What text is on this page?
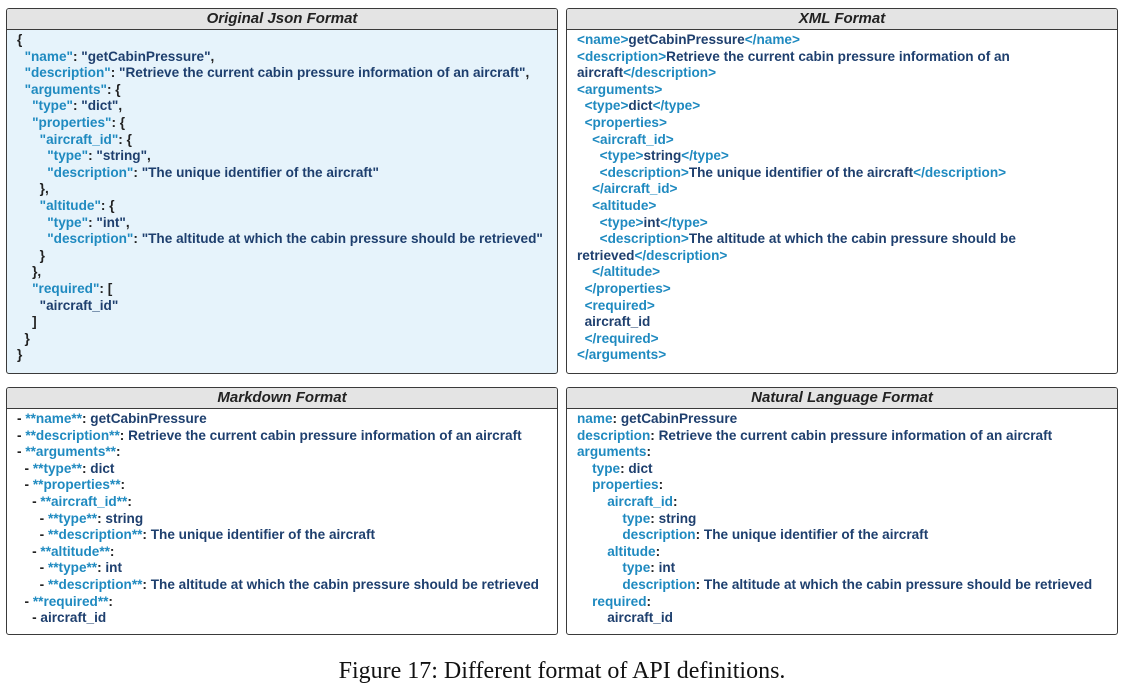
Original Json Format
{
"name": "getCabinPressure",
"description": "Retrieve the current cabin pressure information of an aircraft",
"arguments": {
"type": "dict",
"properties": {
"aircraft_id": {
"type": "string",
"description": "The unique identifier of the aircraft"
},
"altitude": {
"type": "int",
"description": "The altitude at which the cabin pressure should be retrieved"
}
},
"required": [
"aircraft_id"
]
}
}
XML Format
<name>getCabinPressure</name>
<description>Retrieve the current cabin pressure information of an
aircraft</description>
<arguments>
<type>dict</type>
<properties>
<aircraft_id>
<type>string</type>
<description>The unique identifier of the aircraft</description>
</aircraft_id>
<altitude>
<type>int</type>
<description>The altitude at which the cabin pressure should be
retrieved</description>
</altitude>
</properties>
<required>
aircraft_id
</required>
</arguments>
Markdown Format
- **name**: getCabinPressure
- **description**: Retrieve the current cabin pressure information of an aircraft
- **arguments**:
- **type**: dict
- **properties**:
- **aircraft_id**:
- **type**: string
- **description**: The unique identifier of the aircraft
- **altitude**:
- **type**: int
- **description**: The altitude at which the cabin pressure should be retrieved
- **required**:
- aircraft_id
Natural Language Format
name: getCabinPressure
description: Retrieve the current cabin pressure information of an aircraft
arguments:
type: dict
properties:
aircraft_id:
type: string
description: The unique identifier of the aircraft
altitude:
type: int
description: The altitude at which the cabin pressure should be retrieved
required:
aircraft_id
Figure 17: Different format of API definitions.
